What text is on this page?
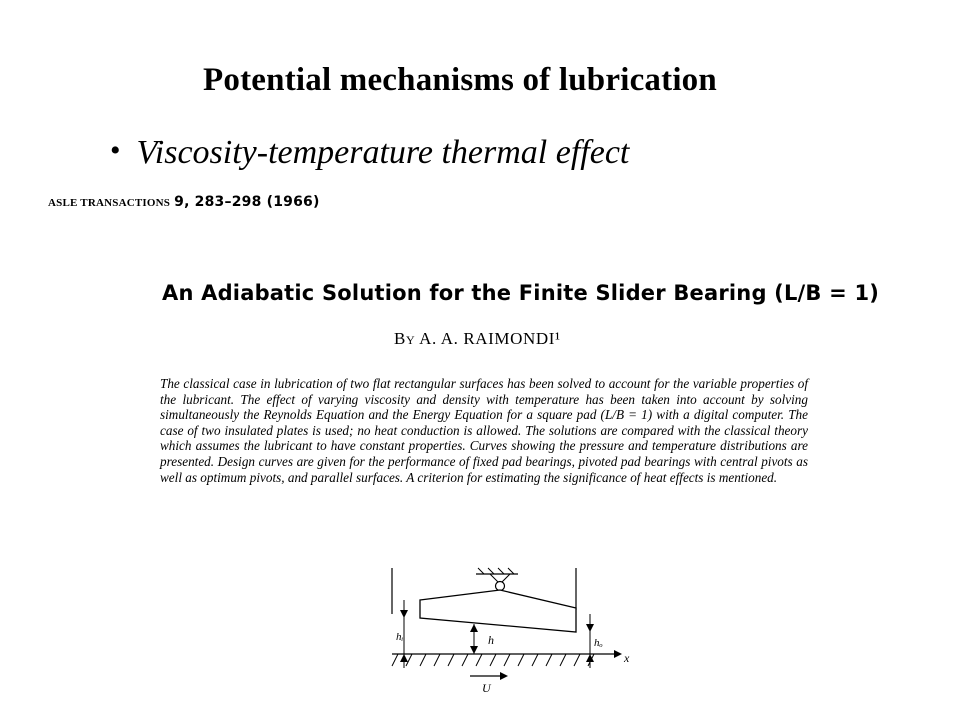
Potential mechanisms of lubrication
• Viscosity-temperature thermal effect
ASLE TRANSACTIONS 9, 283–298 (1966)
An Adiabatic Solution for the Finite Slider Bearing (L/B = 1)
By A. A. RAIMONDI¹
The classical case in lubrication of two flat rectangular surfaces has been solved to account for the variable properties of the lubricant. The effect of varying viscosity and density with temperature has been taken into account by solving simultaneously the Reynolds Equation and the Energy Equation for a square pad (L/B = 1) with a digital computer. The case of two insulated plates is used; no heat conduction is allowed. The solutions are compared with the classical theory which assumes the lubricant to have constant properties. Curves showing the pressure and temperature distributions are presented. Design curves are given for the performance of fixed pad bearings, pivoted pad bearings with central pivots as well as optimum pivots, and parallel surfaces. A criterion for estimating the significance of heat effects is mentioned.
hᵢ	h	hₒ
x
U
